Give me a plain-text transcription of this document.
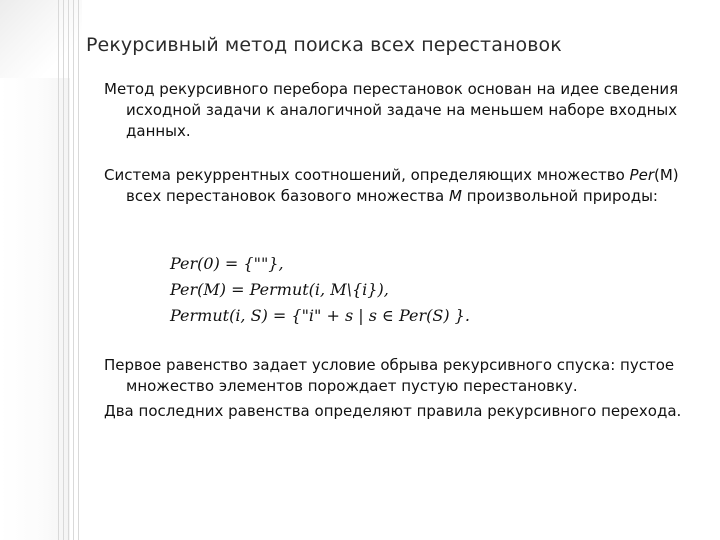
Рекурсивный метод поиска всех перестановок
Метод рекурсивного перебора перестановок основан на идее сведения исходной задачи к аналогичной задаче на меньшем наборе входных данных.
Система рекуррентных соотношений, определяющих множество Per(M) всех перестановок базового множества M произвольной природы:
Per(0) = {""},
Per(M) = Permut(i, M\{i}),
Permut(i, S) = {"i" + s | s ∈ Per(S) }.
Первое равенство задает условие обрыва рекурсивного спуска: пустое множество элементов порождает пустую перестановку.
Два последних равенства определяют правила рекурсивного перехода.
